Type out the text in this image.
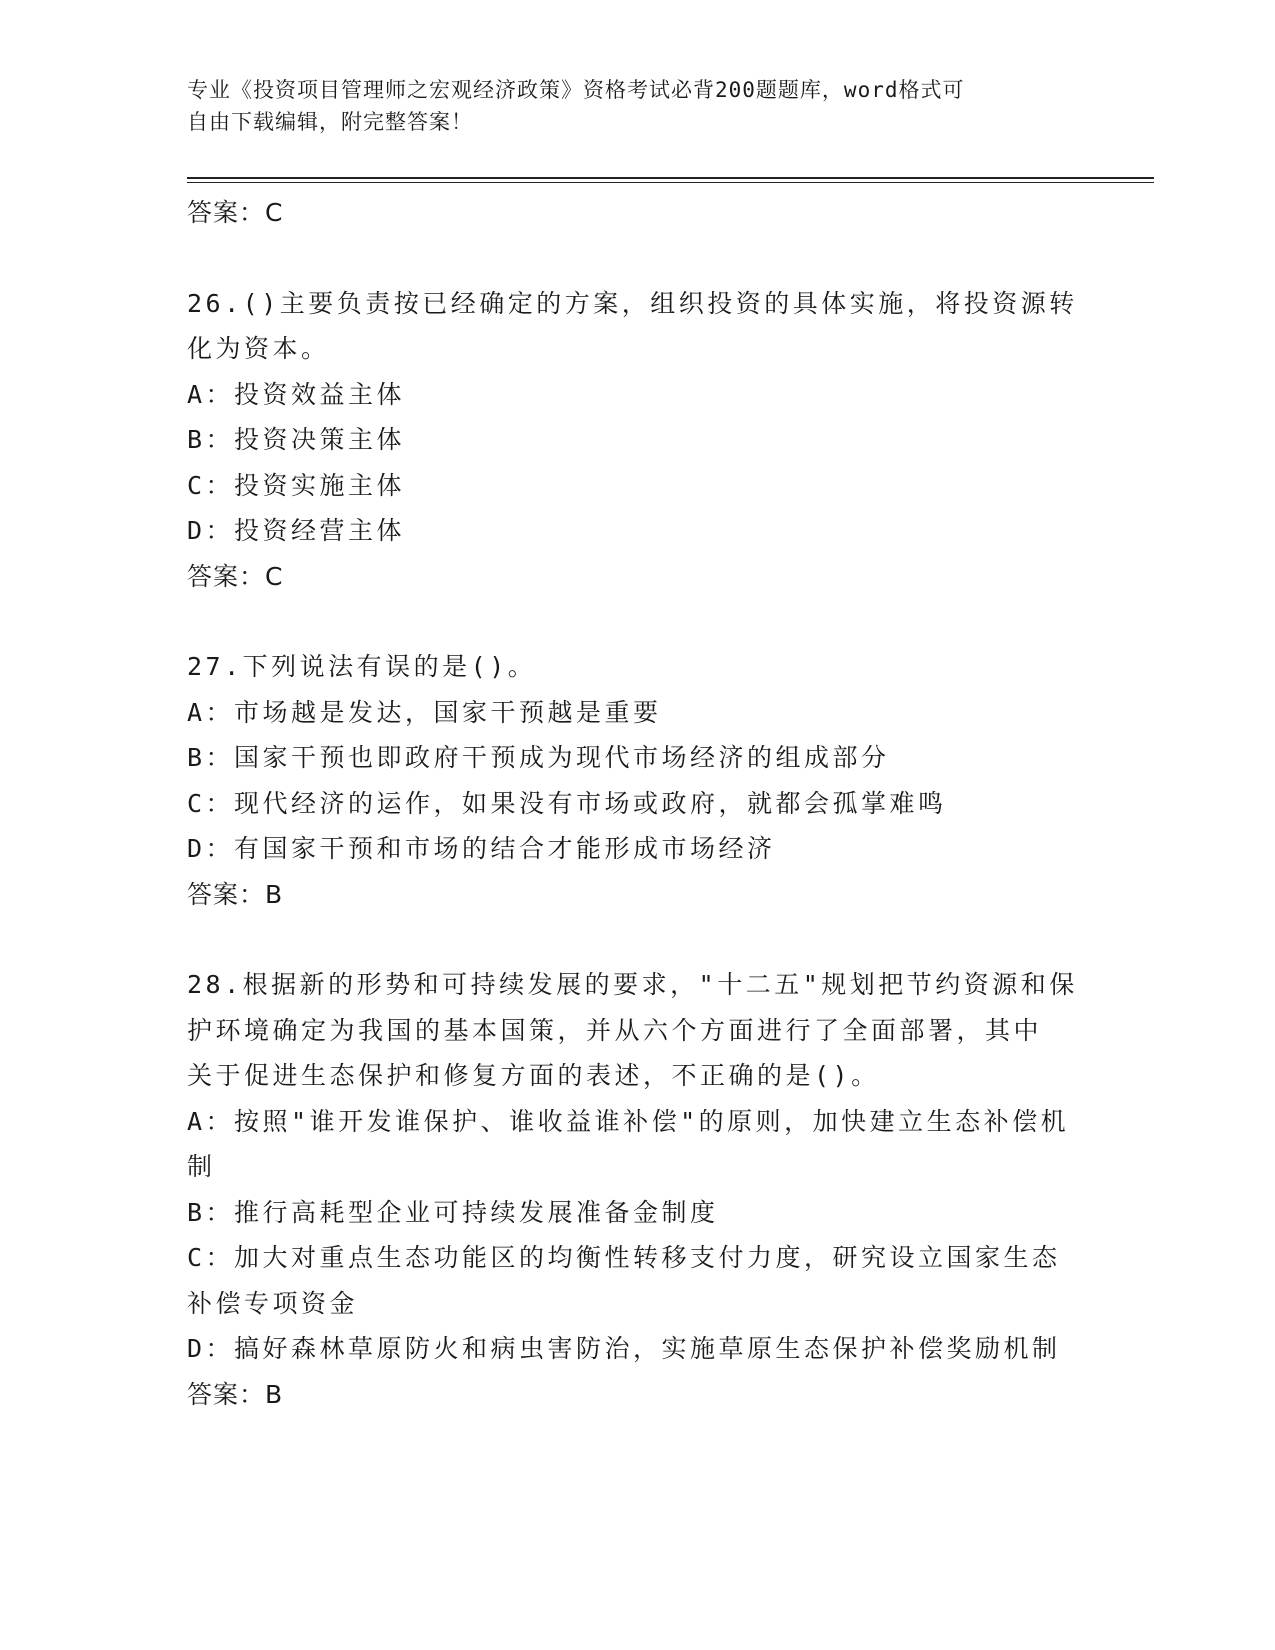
专业《投资项目管理师之宏观经济政策》资格考试必背200题题库，word格式可
自由下载编辑，附完整答案！
答案：C
26.()主要负责按已经确定的方案，组织投资的具体实施，将投资源转
化为资本。
A：投资效益主体
B：投资决策主体
C：投资实施主体
D：投资经营主体
答案：C
27.下列说法有误的是()。
A：市场越是发达，国家干预越是重要
B：国家干预也即政府干预成为现代市场经济的组成部分
C：现代经济的运作，如果没有市场或政府，就都会孤掌难鸣
D：有国家干预和市场的结合才能形成市场经济
答案：B
28.根据新的形势和可持续发展的要求，"十二五"规划把节约资源和保
护环境确定为我国的基本国策，并从六个方面进行了全面部署，其中
关于促进生态保护和修复方面的表述，不正确的是()。
A：按照"谁开发谁保护、谁收益谁补偿"的原则，加快建立生态补偿机
制
B：推行高耗型企业可持续发展准备金制度
C：加大对重点生态功能区的均衡性转移支付力度，研究设立国家生态
补偿专项资金
D：搞好森林草原防火和病虫害防治，实施草原生态保护补偿奖励机制
答案：B
